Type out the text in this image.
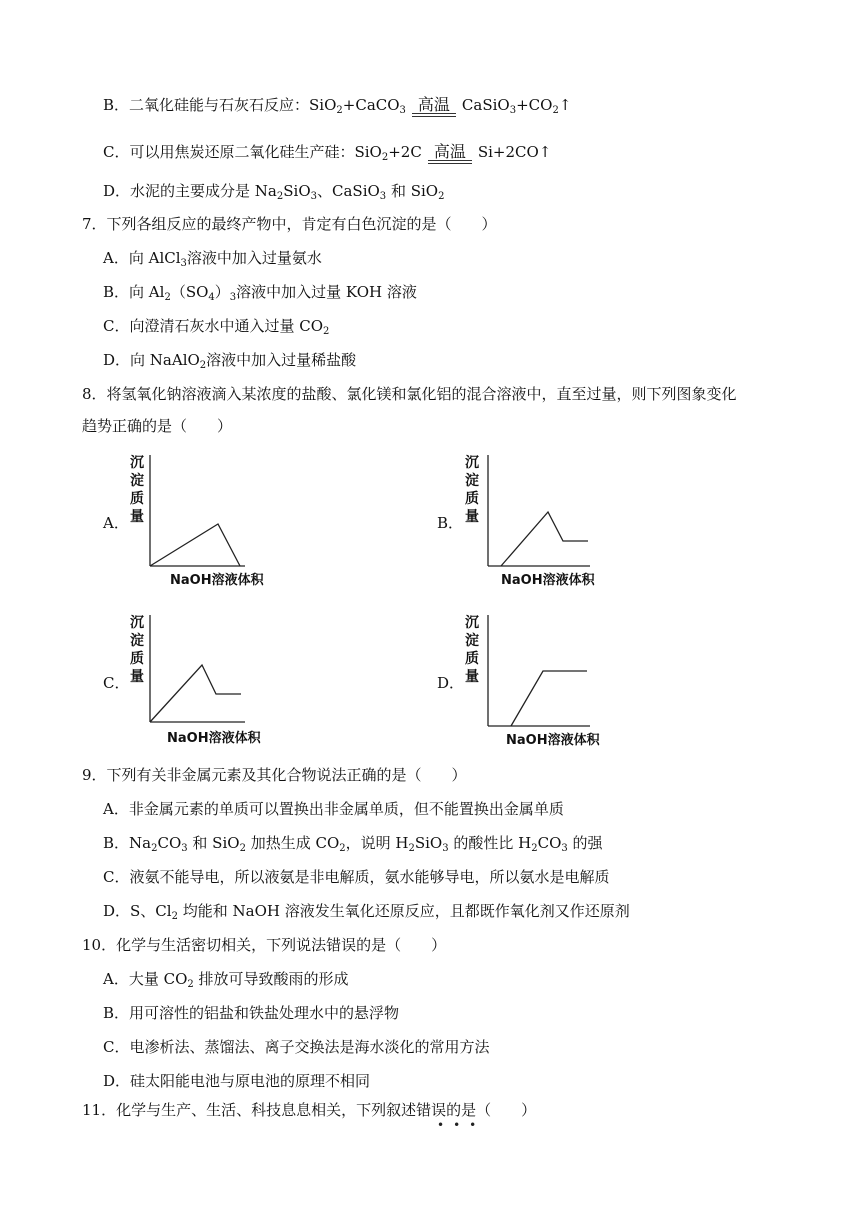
B．二氧化硅能与石灰石反应：SiO$_2$+CaCO$_3$ 高温 $CaSiO_3+CO_2↑$
C．可以用焦炭还原二氧化硅生产硅：SiO$_2$+2C 高温 Si+2CO↑
D．水泥的主要成分是 $Na_2SiO_3$、CaSiO$_3$ 和 SiO$_2$
7．下列各组反应的最终产物中，肯定有白色沉淀的是（　　）
A．向 AlCl$_3$溶液中加入过量氨水
B．向 $Al_2(SO_4)_3$溶液中加入过量 KOH 溶液
C．向澄清石灰水中通入过量 $CO_2$
D．向 NaAlO$_2$溶液中加入过量稀盐酸
8．将氢氧化钠溶液滴入某浓度的盐酸、氯化镁和氯化铝的混合溶液中，直至过量，则下列图象变化
趋势正确的是（　　）
A．
沉
淀
质
量
NaOH溶液体积
B．
沉
淀
质
量
NaOH溶液体积
C．
沉
淀
质
量
NaOH溶液体积
D．
沉
淀
质
量
NaOH溶液体积
9．下列有关非金属元素及其化合物说法正确的是（　　）
A．非金属元素的单质可以置换出非金属单质，但不能置换出金属单质
B．$Na_2CO_3$ 和 SiO$_2$ 加热生成 $CO_2$，说明 $H_2SiO_3$ 的酸性比 $H_2CO_3$ 的强
C．液氨不能导电，所以液氨是非电解质，氨水能够导电，所以氨水是电解质
D．S、$Cl_2$ 均能和 NaOH 溶液发生氧化还原反应，且都既作氧化剂又作还原剂
10．化学与生活密切相关，下列说法错误的是（　　）
A．大量 $CO_2$ 排放可导致酸雨的形成
B．用可溶性的铝盐和铁盐处理水中的悬浮物
C．电渗析法、蒸馏法、离子交换法是海水淡化的常用方法
D．硅太阳能电池与原电池的原理不相同
11．化学与生产、生活、科技息息相关，下列叙述错误的是（　　）
•••
